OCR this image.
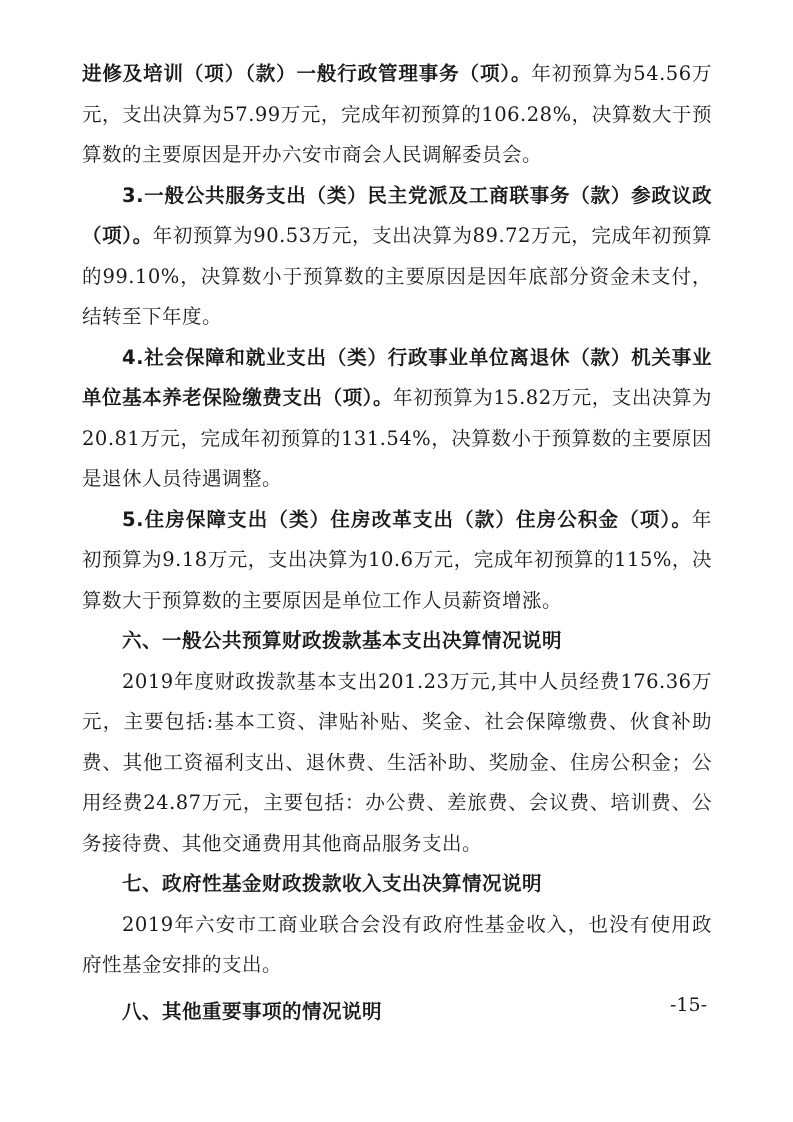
进修及培训（项）（款）一般行政管理事务（项）。年初预算为54.56万元，支出决算为57.99万元，完成年初预算的106.28%，决算数大于预算数的主要原因是开办六安市商会人民调解委员会。

3.一般公共服务支出（类）民主党派及工商联事务（款）参政议政（项）。年初预算为90.53万元，支出决算为89.72万元，完成年初预算的99.10%，决算数小于预算数的主要原因是因年底部分资金未支付，结转至下年度。

4.社会保障和就业支出（类）行政事业单位离退休（款）机关事业单位基本养老保险缴费支出（项）。年初预算为15.82万元，支出决算为20.81万元，完成年初预算的131.54%，决算数小于预算数的主要原因是退休人员待遇调整。

5.住房保障支出（类）住房改革支出（款）住房公积金（项）。年初预算为9.18万元，支出决算为10.6万元，完成年初预算的115%，决算数大于预算数的主要原因是单位工作人员薪资增涨。

六、一般公共预算财政拨款基本支出决算情况说明

2019年度财政拨款基本支出201.23万元,其中人员经费176.36万元，主要包括:基本工资、津贴补贴、奖金、社会保障缴费、伙食补助费、其他工资福利支出、退休费、生活补助、奖励金、住房公积金；公用经费24.87万元，主要包括：办公费、差旅费、会议费、培训费、公务接待费、其他交通费用其他商品服务支出。

七、政府性基金财政拨款收入支出决算情况说明

2019年六安市工商业联合会没有政府性基金收入，也没有使用政府性基金安排的支出。

八、其他重要事项的情况说明	-15-
